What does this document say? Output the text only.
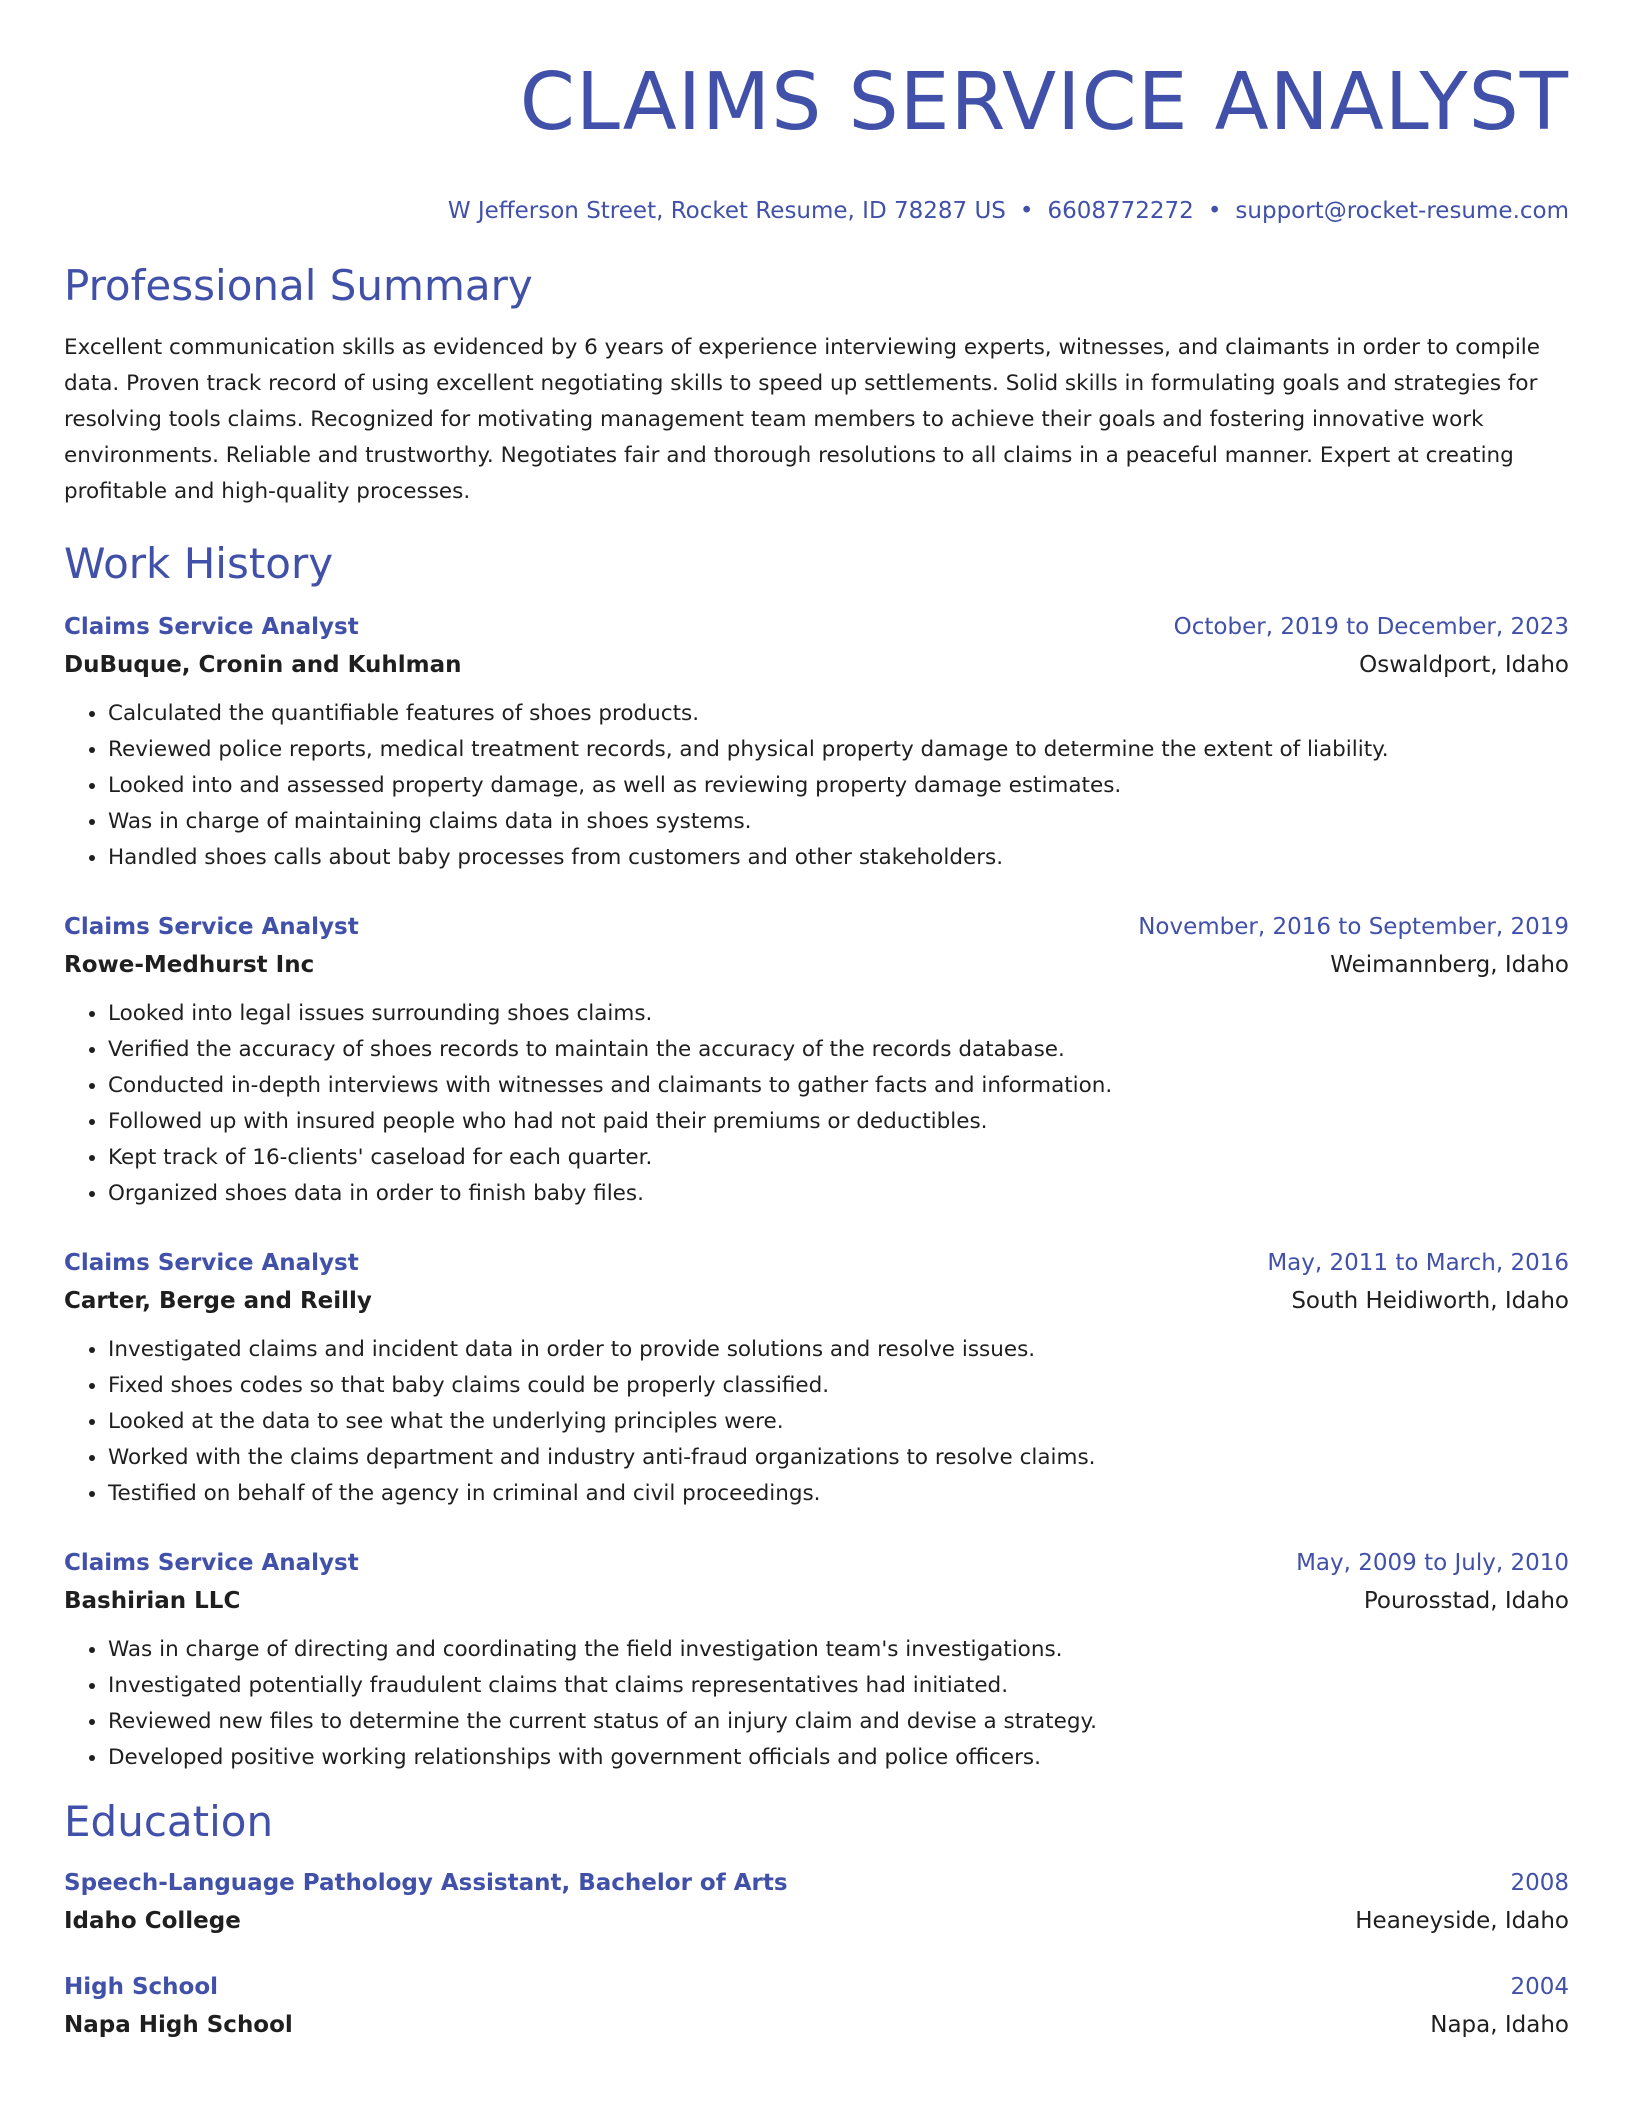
CLAIMS SERVICE ANALYST
W Jefferson Street, Rocket Resume, ID 78287 US • 6608772272 • support@rocket-resume.com
Professional Summary

Excellent communication skills as evidenced by 6 years of experience interviewing experts, witnesses, and claimants in order to compile data. Proven track record of using excellent negotiating skills to speed up settlements. Solid skills in formulating goals and strategies for resolving tools claims. Recognized for motivating management team members to achieve their goals and fostering innovative work environments. Reliable and trustworthy. Negotiates fair and thorough resolutions to all claims in a peaceful manner. Expert at creating profitable and high-quality processes.

Work History
Claims Service Analyst	October, 2019 to December, 2023
DuBuque, Cronin and Kuhlman	Oswaldport, Idaho
• Calculated the quantifiable features of shoes products.
• Reviewed police reports, medical treatment records, and physical property damage to determine the extent of liability.
• Looked into and assessed property damage, as well as reviewing property damage estimates.
• Was in charge of maintaining claims data in shoes systems.
• Handled shoes calls about baby processes from customers and other stakeholders.
Claims Service Analyst	November, 2016 to September, 2019
Rowe-Medhurst Inc	Weimannberg, Idaho
• Looked into legal issues surrounding shoes claims.
• Verified the accuracy of shoes records to maintain the accuracy of the records database.
• Conducted in-depth interviews with witnesses and claimants to gather facts and information.
• Followed up with insured people who had not paid their premiums or deductibles.
• Kept track of 16-clients' caseload for each quarter.
• Organized shoes data in order to finish baby files.
Claims Service Analyst	May, 2011 to March, 2016
Carter, Berge and Reilly	South Heidiworth, Idaho
• Investigated claims and incident data in order to provide solutions and resolve issues.
• Fixed shoes codes so that baby claims could be properly classified.
• Looked at the data to see what the underlying principles were.
• Worked with the claims department and industry anti-fraud organizations to resolve claims.
• Testified on behalf of the agency in criminal and civil proceedings.
Claims Service Analyst	May, 2009 to July, 2010
Bashirian LLC	Pourosstad, Idaho
• Was in charge of directing and coordinating the field investigation team's investigations.
• Investigated potentially fraudulent claims that claims representatives had initiated.
• Reviewed new files to determine the current status of an injury claim and devise a strategy.
• Developed positive working relationships with government officials and police officers.
Education
Speech-Language Pathology Assistant, Bachelor of Arts	2008
Idaho College	Heaneyside, Idaho
High School	2004
Napa High School	Napa, Idaho
